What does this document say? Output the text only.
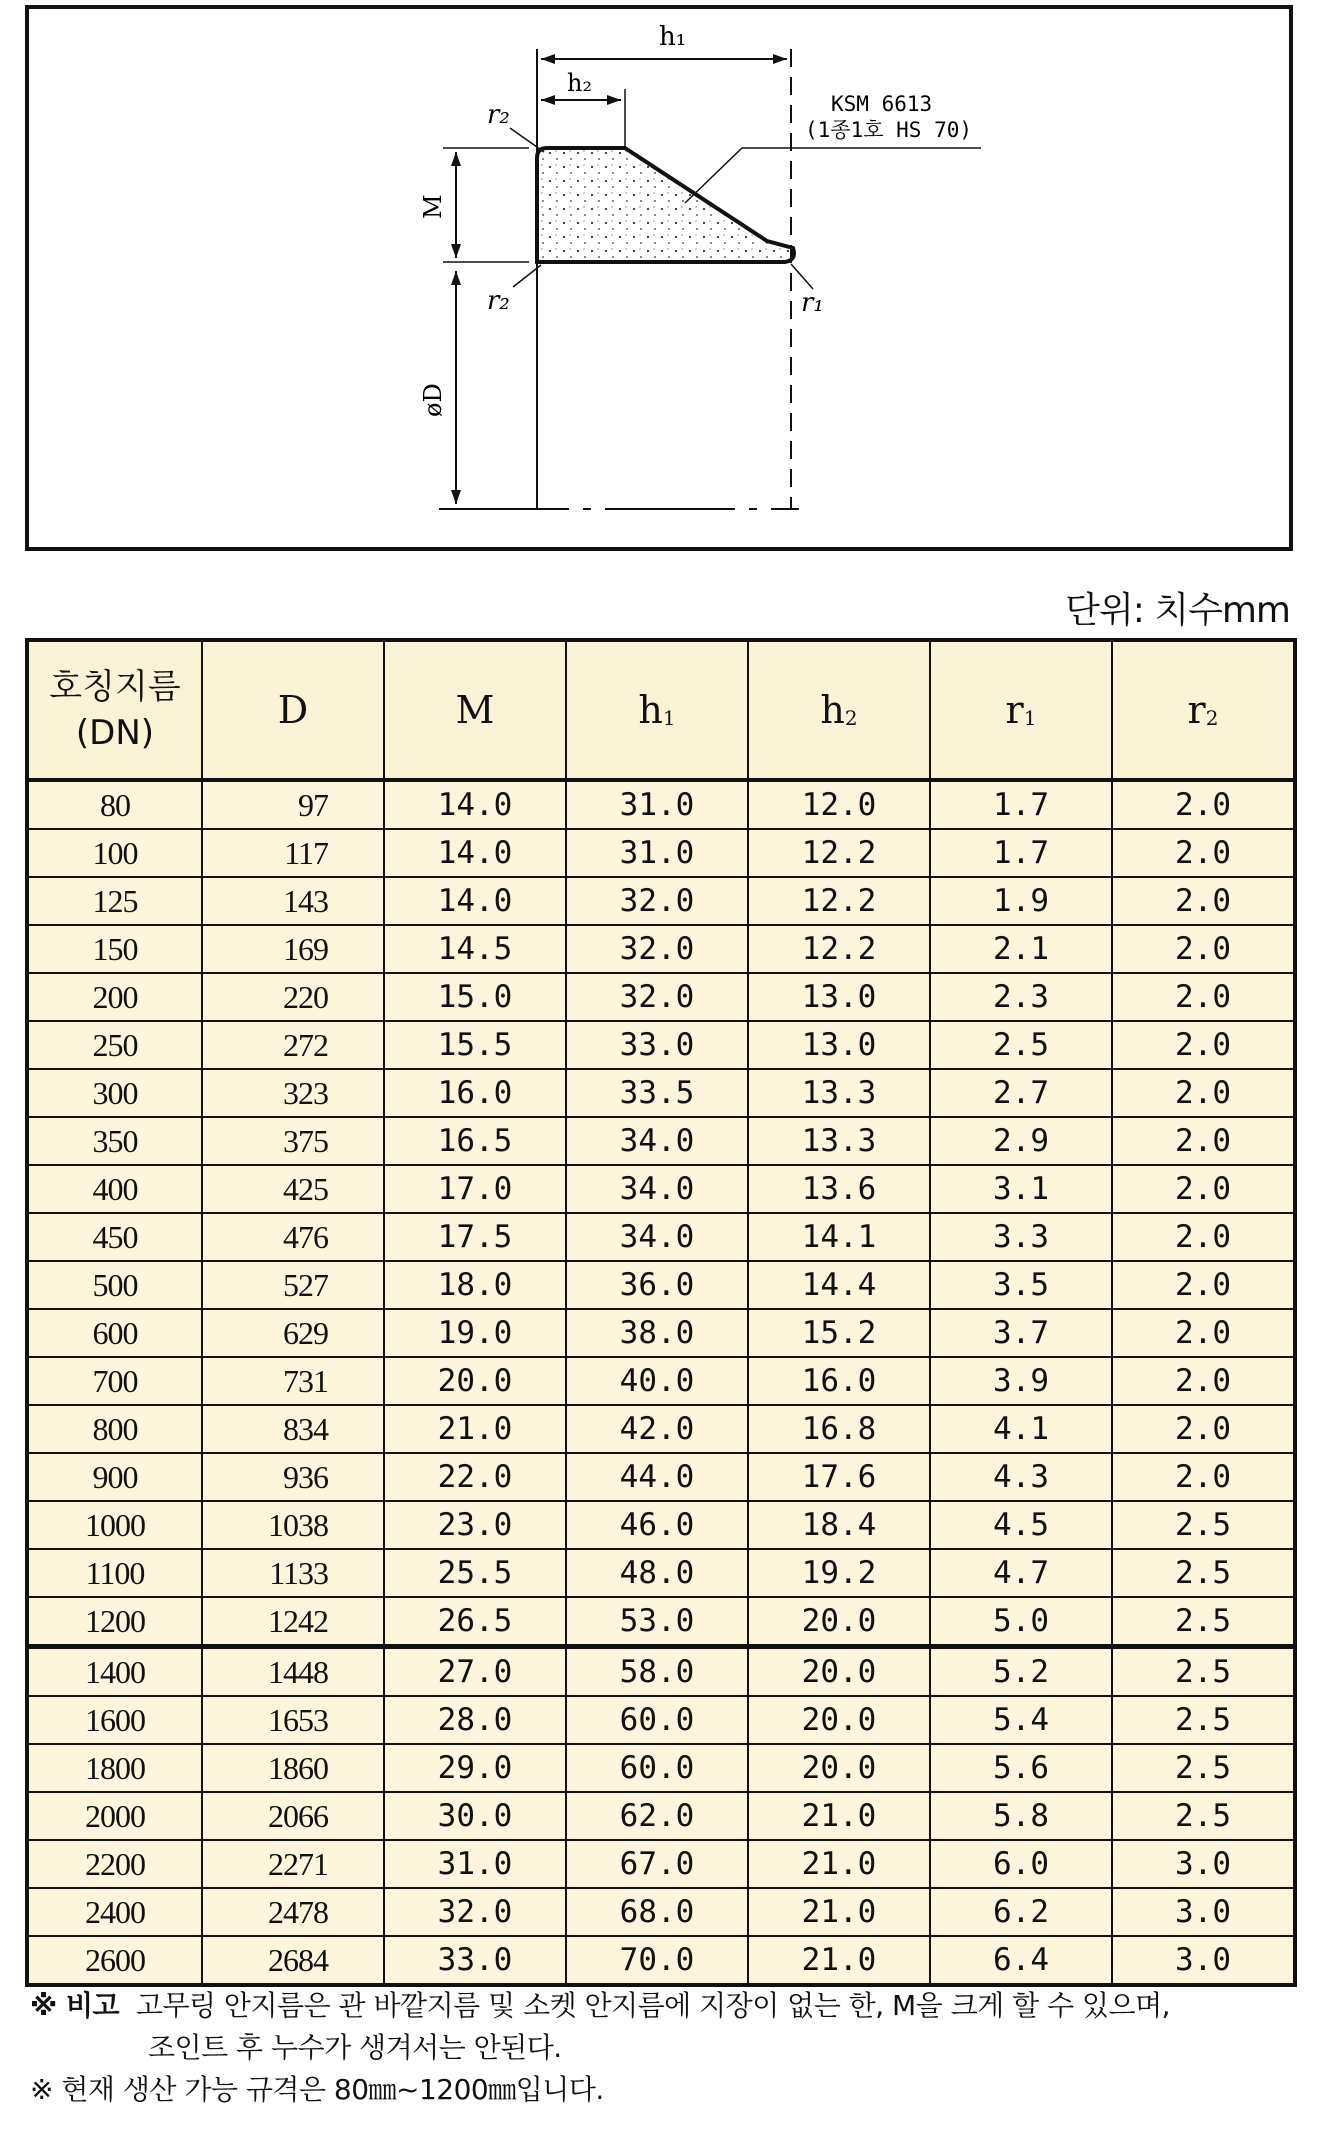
h₁
h₂
r₂
r₂	r₁
M
øD
KSM 6613
(1종1호 HS 70)
단위: 치수mm
호칭지름
(DN)	D	M	$h_1$	$h_2$	$r_1$	$r_2$
80	97	14.0	31.0	12.0	1.7	2.0
100	117	14.0	31.0	12.2	1.7	2.0
125	143	14.0	32.0	12.2	1.9	2.0
150	169	14.5	32.0	12.2	2.1	2.0
200	220	15.0	32.0	13.0	2.3	2.0
250	272	15.5	33.0	13.0	2.5	2.0
300	323	16.0	33.5	13.3	2.7	2.0
350	375	16.5	34.0	13.3	2.9	2.0
400	425	17.0	34.0	13.6	3.1	2.0
450	476	17.5	34.0	14.1	3.3	2.0
500	527	18.0	36.0	14.4	3.5	2.0
600	629	19.0	38.0	15.2	3.7	2.0
700	731	20.0	40.0	16.0	3.9	2.0
800	834	21.0	42.0	16.8	4.1	2.0
900	936	22.0	44.0	17.6	4.3	2.0
1000	1038	23.0	46.0	18.4	4.5	2.5
1100	1133	25.5	48.0	19.2	4.7	2.5
1200	1242	26.5	53.0	20.0	5.0	2.5
1400	1448	27.0	58.0	20.0	5.2	2.5
1600	1653	28.0	60.0	20.0	5.4	2.5
1800	1860	29.0	60.0	20.0	5.6	2.5
2000	2066	30.0	62.0	21.0	5.8	2.5
2200	2271	31.0	67.0	21.0	6.0	3.0
2400	2478	32.0	68.0	21.0	6.2	3.0
2600	2684	33.0	70.0	21.0	6.4	3.0
※ 비고 고무링 안지름은 관 바깥지름 및 소켓 안지름에 지장이 없는 한, M을 크게 할 수 있으며,
조인트 후 누수가 생겨서는 안된다.
※ 현재 생산 가능 규격은 80㎜~1200㎜입니다.
